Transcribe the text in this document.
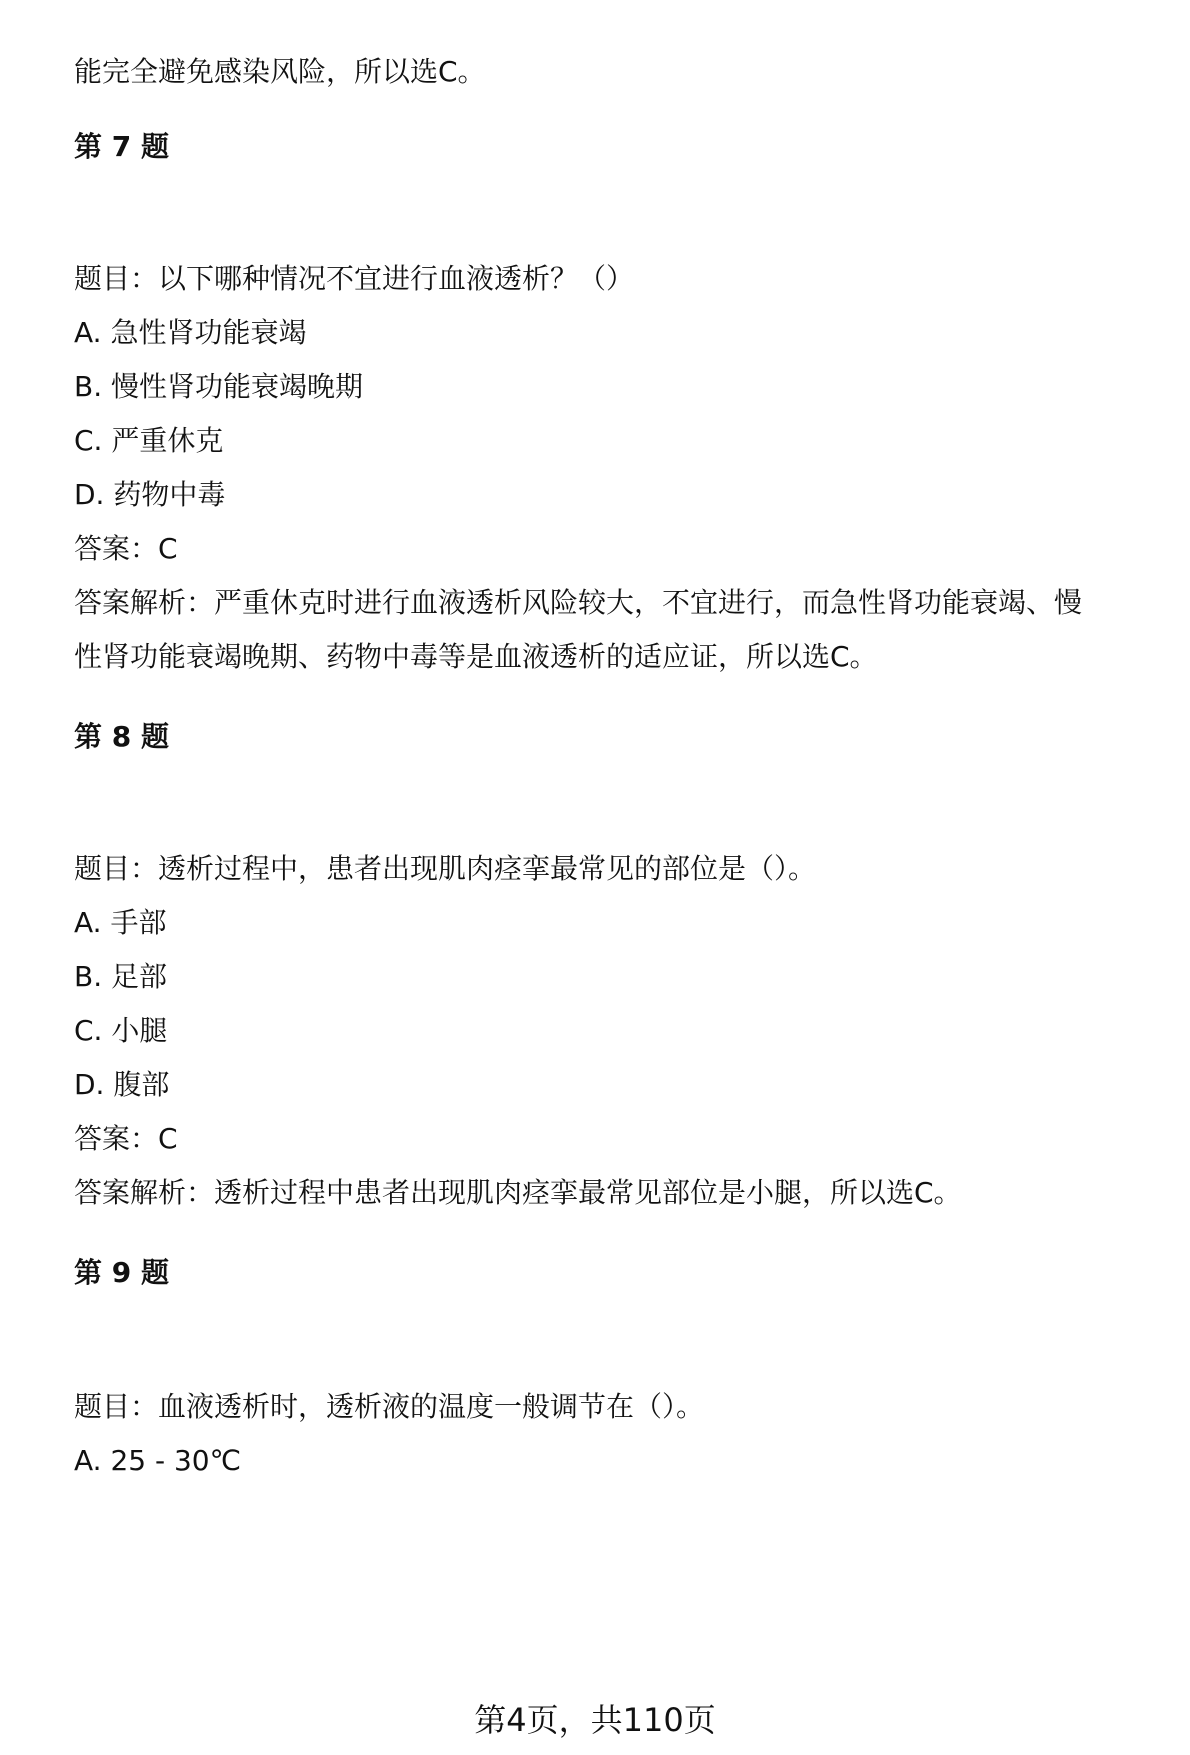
能完全避免感染风险，所以选C。
第 7 题
题目：以下哪种情况不宜进行血液透析？（）
A. 急性肾功能衰竭
B. 慢性肾功能衰竭晚期
C. 严重休克
D. 药物中毒
答案：C
答案解析：严重休克时进行血液透析风险较大，不宜进行，而急性肾功能衰竭、慢
性肾功能衰竭晚期、药物中毒等是血液透析的适应证，所以选C。
第 8 题
题目：透析过程中，患者出现肌肉痉挛最常见的部位是（）。
A. 手部
B. 足部
C. 小腿
D. 腹部
答案：C
答案解析：透析过程中患者出现肌肉痉挛最常见部位是小腿，所以选C。
第 9 题
题目：血液透析时，透析液的温度一般调节在（）。
A. 25 - 30℃
第4页，共110页
